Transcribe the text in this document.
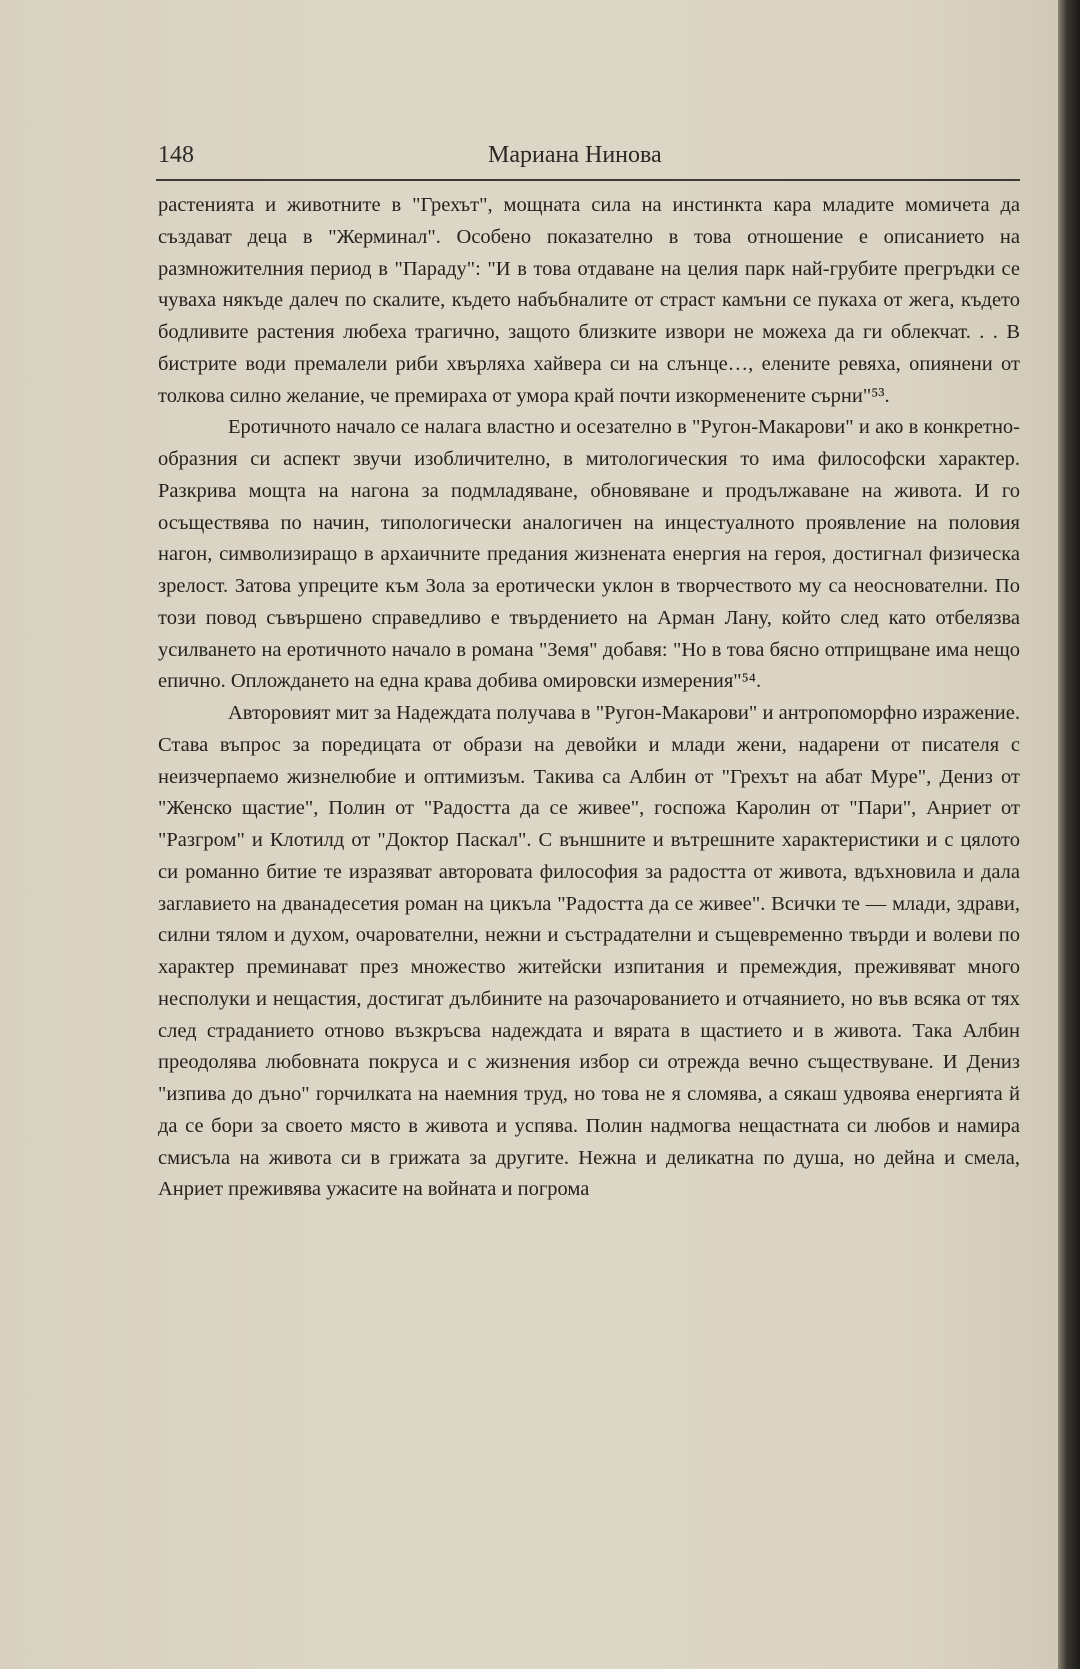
148	Мариана Нинова

растенията и животните в "Грехът", мощната сила на инстинкта кара младите момичета да създават деца в "Жерминал". Особено показателно в това отношение е описанието на размножителния период в "Параду": "И в това отдаване на целия парк най-грубите прегръдки се чуваха някъде далеч по скалите, където набъбналите от страст камъни се пукаха от жега, където бодливите растения любеха трагично, защото близките извори не можеха да ги облекчат. . . В бистрите води премалели риби хвърляха хайвера си на слънце…, елените ревяха, опиянени от толкова силно желание, че премираха от умора край почти изкорменените сърни"⁵³.

Еротичното начало се налага властно и осезателно в "Ругон-Макарови" и ако в конкретно-образния си аспект звучи изобличително, в митологическия то има философски характер. Разкрива мощта на нагона за подмладяване, обновяване и продължаване на живота. И го осъществява по начин, типологически аналогичен на инцестуалното проявление на половия нагон, символизиращо в архаичните предания жизнената енергия на героя, достигнал физическа зрелост. Затова упреците към Зола за еротически уклон в творчеството му са неоснователни. По този повод съвършено справедливо е твърдението на Арман Лану, който след като отбелязва усилването на еротичното начало в романа "Земя" добавя: "Но в това бясно отприщване има нещо епично. Оплождането на една крава добива омировски измерения"⁵⁴.

Авторовият мит за Надеждата получава в "Ругон-Макарови" и антропоморфно изражение. Става въпрос за поредицата от образи на девойки и млади жени, надарени от писателя с неизчерпаемо жизнелюбие и оптимизъм. Такива са Албин от "Грехът на абат Муре", Дениз от "Женско щастие", Полин от "Радостта да се живее", госпожа Каролин от "Пари", Анриет от "Разгром" и Клотилд от "Доктор Паскал". С външните и вътрешните характеристики и с цялото си романно битие те изразяват авторовата философия за радостта от живота, вдъхновила и дала заглавието на дванадесетия роман на цикъла "Радостта да се живее". Всички те — млади, здрави, силни тялом и духом, очарователни, нежни и състрадателни и същевременно твърди и волеви по характер преминават през множество житейски изпитания и премеждия, преживяват много несполуки и нещастия, достигат дълбините на разочарованието и отчаянието, но във всяка от тях след страданието отново възкръсва надеждата и вярата в щастието и в живота. Така Албин преодолява любовната покруса и с жизнения избор си отрежда вечно съществуване. И Дениз "изпива до дъно" горчилката на наемния труд, но това не я сломява, а сякаш удвоява енергията й да се бори за своето място в живота и успява. Полин надмогва нещастната си любов и намира смисъла на живота си в грижата за другите. Нежна и деликатна по душа, но дейна и смела, Анриет преживява ужасите на войната и погрома
